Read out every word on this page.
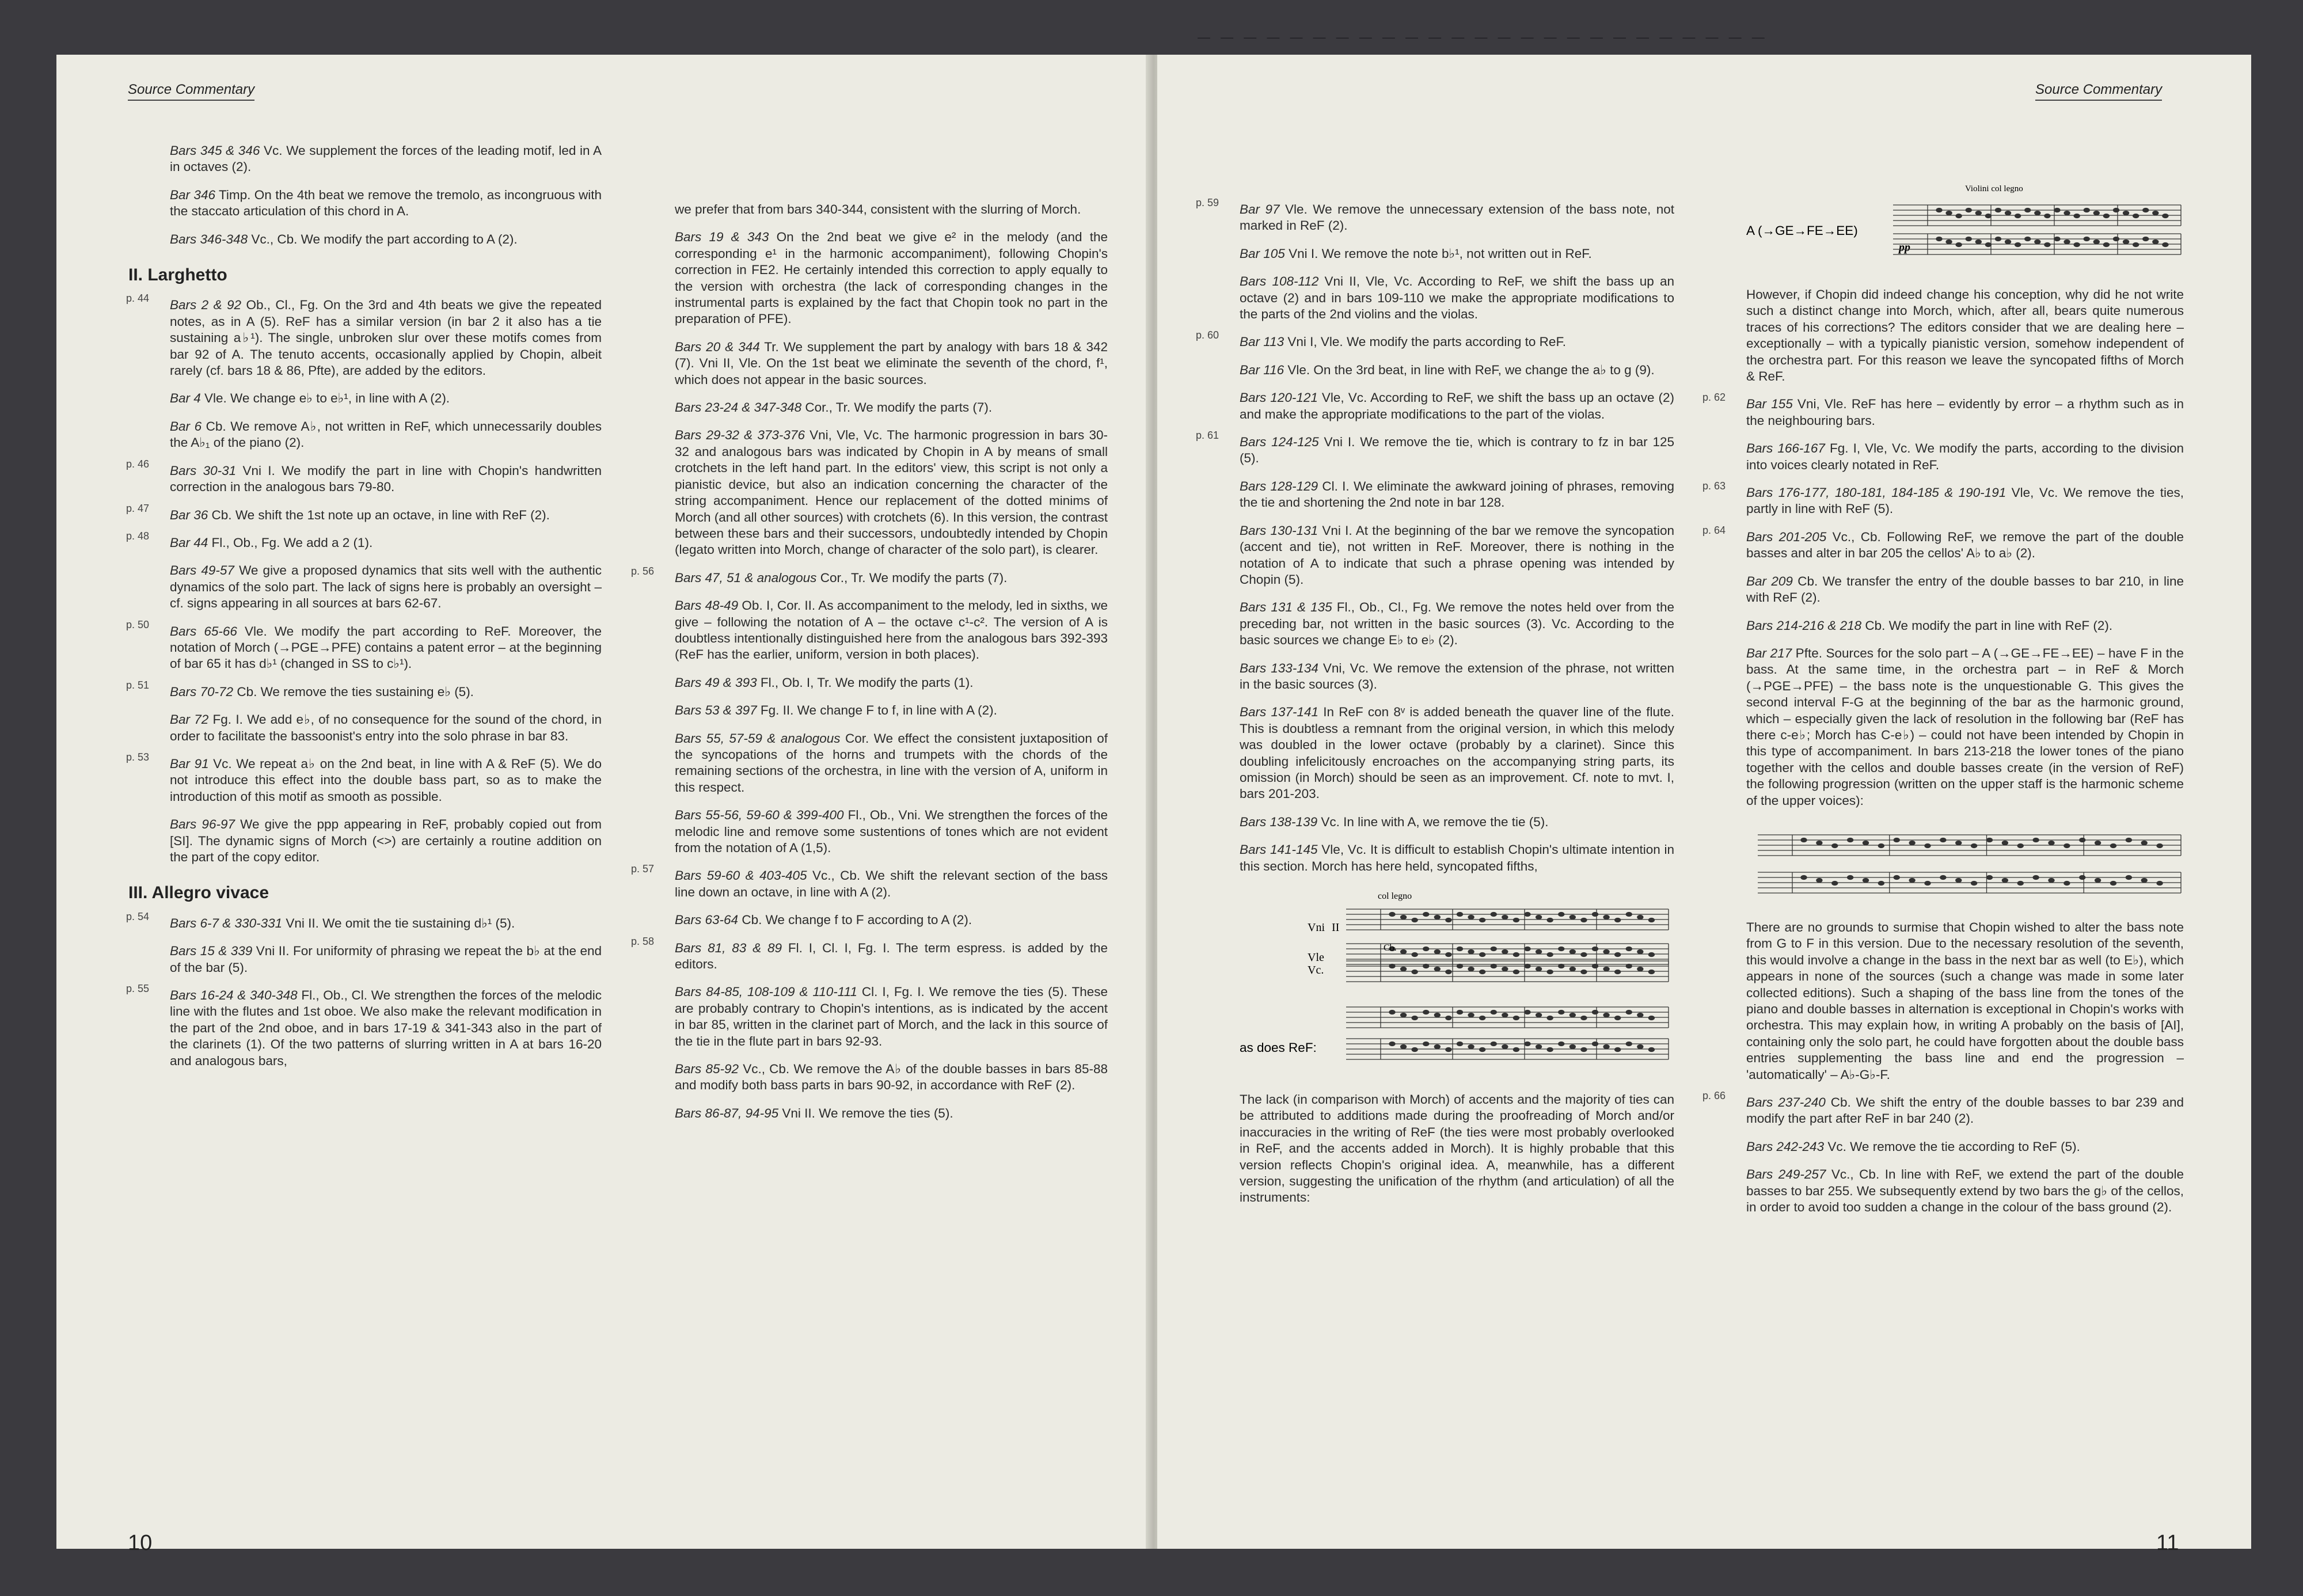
— — — — — — — — — — — — — — — — — — — — — — — — —
Source Commentary	Source Commentary

Bars 345 & 346 Vc. We supplement the forces of the leading motif, led in A in octaves (2).

Bar 346 Timp. On the 4th beat we remove the tremolo, as incongruous with the staccato articulation of this chord in A.

Bars 346-348 Vc., Cb. We modify the part according to A (2).

II. Larghetto

p. 44 Bars 2 & 92 Ob., Cl., Fg. On the 3rd and 4th beats we give the repeated notes, as in A (5). ReF has a similar version (in bar 2 it also has a tie sustaining a♭¹). The single, unbroken slur over these motifs comes from bar 92 of A. The tenuto accents, occasionally applied by Chopin, albeit rarely (cf. bars 18 & 86, Pfte), are added by the editors.

Bar 4 Vle. We change e♭ to e♭¹, in line with A (2).

Bar 6 Cb. We remove A♭, not written in ReF, which unnecessarily doubles the A♭₁ of the piano (2).

p. 46 Bars 30-31 Vni I. We modify the part in line with Chopin's handwritten correction in the analogous bars 79-80.

p. 47 Bar 36 Cb. We shift the 1st note up an octave, in line with ReF (2).

p. 48 Bar 44 Fl., Ob., Fg. We add a 2 (1).

Bars 49-57 We give a proposed dynamics that sits well with the authentic dynamics of the solo part. The lack of signs here is probably an oversight – cf. signs appearing in all sources at bars 62-67.

p. 50 Bars 65-66 Vle. We modify the part according to ReF. Moreover, the notation of Morch (→PGE→PFE) contains a patent error – at the beginning of bar 65 it has d♭¹ (changed in SS to c♭¹).

p. 51 Bars 70-72 Cb. We remove the ties sustaining e♭ (5).

Bar 72 Fg. I. We add e♭, of no consequence for the sound of the chord, in order to facilitate the bassoonist's entry into the solo phrase in bar 83.

p. 53 Bar 91 Vc. We repeat a♭ on the 2nd beat, in line with A & ReF (5). We do not introduce this effect into the double bass part, so as to make the introduction of this motif as smooth as possible.

Bars 96-97 We give the ppp appearing in ReF, probably copied out from [SI]. The dynamic signs of Morch (<>) are certainly a routine addition on the part of the copy editor.

III. Allegro vivace

p. 54 Bars 6-7 & 330-331 Vni II. We omit the tie sustaining d♭¹ (5).

Bars 15 & 339 Vni II. For uniformity of phrasing we repeat the b♭ at the end of the bar (5).

p. 55 Bars 16-24 & 340-348 Fl., Ob., Cl. We strengthen the forces of the melodic line with the flutes and 1st oboe. We also make the relevant modification in the part of the 2nd oboe, and in bars 17-19 & 341-343 also in the part of the clarinets (1). Of the two patterns of slurring written in A at bars 16-20 and analogous bars,

we prefer that from bars 340-344, consistent with the slurring of Morch.

Bars 19 & 343 On the 2nd beat we give e² in the melody (and the corresponding e¹ in the harmonic accompaniment), following Chopin's correction in FE2. He certainly intended this correction to apply equally to the version with orchestra (the lack of corresponding changes in the instrumental parts is explained by the fact that Chopin took no part in the preparation of PFE).

Bars 20 & 344 Tr. We supplement the part by analogy with bars 18 & 342 (7). Vni II, Vle. On the 1st beat we eliminate the seventh of the chord, f¹, which does not appear in the basic sources.

Bars 23-24 & 347-348 Cor., Tr. We modify the parts (7).

Bars 29-32 & 373-376 Vni, Vle, Vc. The harmonic progression in bars 30-32 and analogous bars was indicated by Chopin in A by means of small crotchets in the left hand part. In the editors' view, this script is not only a pianistic device, but also an indication concerning the character of the string accompaniment. Hence our replacement of the dotted minims of Morch (and all other sources) with crotchets (6). In this version, the contrast between these bars and their successors, undoubtedly intended by Chopin (legato written into Morch, change of character of the solo part), is clearer.

p. 56 Bars 47, 51 & analogous Cor., Tr. We modify the parts (7).

Bars 48-49 Ob. I, Cor. II. As accompaniment to the melody, led in sixths, we give – following the notation of A – the octave c¹-c². The version of A is doubtless intentionally distinguished here from the analogous bars 392-393 (ReF has the earlier, uniform, version in both places).

Bars 49 & 393 Fl., Ob. I, Tr. We modify the parts (1).

Bars 53 & 397 Fg. II. We change F to f, in line with A (2).

Bars 55, 57-59 & analogous Cor. We effect the consistent juxtaposition of the syncopations of the horns and trumpets with the chords of the remaining sections of the orchestra, in line with the version of A, uniform in this respect.

Bars 55-56, 59-60 & 399-400 Fl., Ob., Vni. We strengthen the forces of the melodic line and remove some sustentions of tones which are not evident from the notation of A (1,5).

p. 57 Bars 59-60 & 403-405 Vc., Cb. We shift the relevant section of the bass line down an octave, in line with A (2).

Bars 63-64 Cb. We change f to F according to A (2).

p. 58 Bars 81, 83 & 89 Fl. I, Cl. I, Fg. I. The term espress. is added by the editors.

Bars 84-85, 108-109 & 110-111 Cl. I, Fg. I. We remove the ties (5). These are probably contrary to Chopin's intentions, as is indicated by the accent in bar 85, written in the clarinet part of Morch, and the lack in this source of the tie in the flute part in bars 92-93.

Bars 85-92 Vc., Cb. We remove the A♭ of the double basses in bars 85-88 and modify both bass parts in bars 90-92, in accordance with ReF (2).

Bars 86-87, 94-95 Vni II. We remove the ties (5).

p. 59 Bar 97 Vle. We remove the unnecessary extension of the bass note, not marked in ReF (2).

Bar 105 Vni I. We remove the note b♭¹, not written out in ReF.

Bars 108-112 Vni II, Vle, Vc. According to ReF, we shift the bass up an octave (2) and in bars 109-110 we make the appropriate modifications to the parts of the 2nd violins and the violas.

p. 60 Bar 113 Vni I, Vle. We modify the parts according to ReF.

Bar 116 Vle. On the 3rd beat, in line with ReF, we change the a♭ to g (9).

Bars 120-121 Vle, Vc. According to ReF, we shift the bass up an octave (2) and make the appropriate modifications to the part of the violas.

p. 61 Bars 124-125 Vni I. We remove the tie, which is contrary to fz in bar 125 (5).

Bars 128-129 Cl. I. We eliminate the awkward joining of phrases, removing the tie and shortening the 2nd note in bar 128.

Bars 130-131 Vni I. At the beginning of the bar we remove the syncopation (accent and tie), not written in ReF. Moreover, there is nothing in the notation of A to indicate that such a phrase opening was intended by Chopin (5).

Bars 131 & 135 Fl., Ob., Cl., Fg. We remove the notes held over from the preceding bar, not written in the basic sources (3). Vc. According to the basic sources we change E♭ to e♭ (2).

Bars 133-134 Vni, Vc. We remove the extension of the phrase, not written in the basic sources (3).

Bars 137-141 In ReF con 8ᵛ is added beneath the quaver line of the flute. This is doubtless a remnant from the original version, in which this melody was doubled in the lower octave (probably by a clarinet). Since this doubling infelicitously encroaches on the accompanying string parts, its omission (in Morch) should be seen as an improvement. Cf. note to mvt. I, bars 201-203.

Bars 138-139 Vc. In line with A, we remove the tie (5).

Bars 141-145 Vle, Vc. It is difficult to establish Chopin's ultimate intention in this section. Morch has here held, syncopated fifths,

col legno
Vni II
Vle
Vc.
Cb.
as does ReF:

The lack (in comparison with Morch) of accents and the majority of ties can be attributed to additions made during the proofreading of Morch and/or inaccuracies in the writing of ReF (the ties were most probably overlooked in ReF, and the accents added in Morch). It is highly probable that this version reflects Chopin's original idea. A, meanwhile, has a different version, suggesting the unification of the rhythm (and articulation) of all the instruments:

Violini col legno
A (→GE→FE→EE)
pp

However, if Chopin did indeed change his conception, why did he not write such a distinct change into Morch, which, after all, bears quite numerous traces of his corrections? The editors consider that we are dealing here – exceptionally – with a typically pianistic version, somehow independent of the orchestra part. For this reason we leave the syncopated fifths of Morch & ReF.

p. 62 Bar 155 Vni, Vle. ReF has here – evidently by error – a rhythm such as in the neighbouring bars.

Bars 166-167 Fg. I, Vle, Vc. We modify the parts, according to the division into voices clearly notated in ReF.

p. 63 Bars 176-177, 180-181, 184-185 & 190-191 Vle, Vc. We remove the ties, partly in line with ReF (5).

p. 64 Bars 201-205 Vc., Cb. Following ReF, we remove the part of the double basses and alter in bar 205 the cellos' A♭ to a♭ (2).

Bar 209 Cb. We transfer the entry of the double basses to bar 210, in line with ReF (2).

Bars 214-216 & 218 Cb. We modify the part in line with ReF (2).

Bar 217 Pfte. Sources for the solo part – A (→GE→FE→EE) – have F in the bass. At the same time, in the orchestra part – in ReF & Morch (→PGE→PFE) – the bass note is the unquestionable G. This gives the second interval F-G at the beginning of the bar as the harmonic ground, which – especially given the lack of resolution in the following bar (ReF has there c-e♭; Morch has C-e♭) – could not have been intended by Chopin in this type of accompaniment. In bars 213-218 the lower tones of the piano together with the cellos and double basses create (in the version of ReF) the following progression (written on the upper staff is the harmonic scheme of the upper voices):

There are no grounds to surmise that Chopin wished to alter the bass note from G to F in this version. Due to the necessary resolution of the seventh, this would involve a change in the bass in the next bar as well (to E♭), which appears in none of the sources (such a change was made in some later collected editions). Such a shaping of the bass line from the tones of the piano and double basses in alternation is exceptional in Chopin's works with orchestra. This may explain how, in writing A probably on the basis of [AI], containing only the solo part, he could have forgotten about the double bass entries supplementing the bass line and end the progression – 'automatically' – A♭-G♭-F.

p. 66 Bars 237-240 Cb. We shift the entry of the double basses to bar 239 and modify the part after ReF in bar 240 (2).

Bars 242-243 Vc. We remove the tie according to ReF (5).

Bars 249-257 Vc., Cb. In line with ReF, we extend the part of the double basses to bar 255. We subsequently extend by two bars the g♭ of the cellos, in order to avoid too sudden a change in the colour of the bass ground (2).

10	11
